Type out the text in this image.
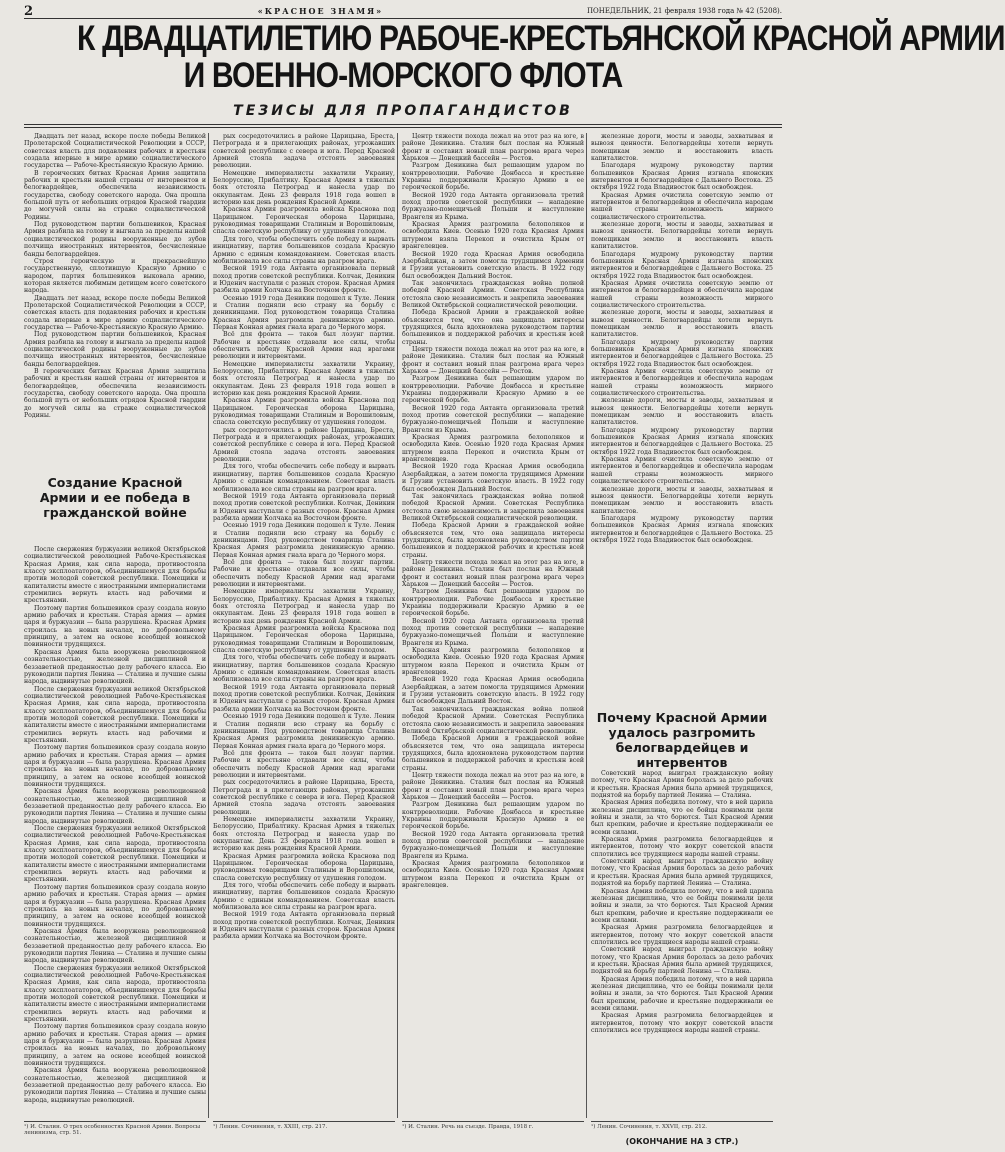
2	«КРАСНОЕ ЗНАМЯ»	ПОНЕДЕЛЬНИК, 21 февраля 1938 года № 42 (5208).
К ДВАДЦАТИЛЕТИЮ РАБОЧЕ-КРЕСТЬЯНСКОЙ КРАСНОЙ АРМИИ
И ВОЕННО-МОРСКОГО ФЛОТА
ТЕЗИСЫ ДЛЯ ПРОПАГАНДИСТОВ

Двадцать лет назад, вскоре после победы Великой Пролетарской Социалистической Революции в СССР, советская власть для подавления рабочих и крестьян создала впервые в мире армию социалистического государства — Рабоче-Крестьянскую Красную Армию.

В героических битвах Красная Армия защитила рабочих и крестьян нашей страны от интервентов и белогвардейцев, обеспечила независимость государства, свободу советского народа. Она прошла большой путь от небольших отрядов Красной гвардии до могучей силы на страже социалистической Родины.

Под руководством партии большевиков, Красная Армия разбила на голову и выгнала за пределы нашей социалистической родины вооруженные до зубов полчища иностранных интервентов, бесчисленные банды белогвардейцев.

Строя героическую и прекраснейшую государственную, сплотившую Красную Армию с народом, партия большевиков выковала армию, которая является любимым детищем всего советского народа.

Двадцать лет назад, вскоре после победы Великой Пролетарской Социалистической Революции в СССР, советская власть для подавления рабочих и крестьян создала впервые в мире армию социалистического государства — Рабоче-Крестьянскую Красную Армию.

Под руководством партии большевиков, Красная Армия разбила на голову и выгнала за пределы нашей социалистической родины вооруженные до зубов полчища иностранных интервентов, бесчисленные банды белогвардейцев.

В героических битвах Красная Армия защитила рабочих и крестьян нашей страны от интервентов и белогвардейцев, обеспечила независимость государства, свободу советского народа. Она прошла большой путь от небольших отрядов Красной гвардии до могучей силы на страже социалистической Родины.

Создание Красной Армии и ее победа в гражданской войне

После свержения буржуазии великой Октябрьской социалистической революцией Рабоче-Крестьянская Красная Армия, как сила народа, противостояла классу эксплоататоров, объединившемуся для борьбы против молодой советской республики. Помещики и капиталисты вместе с иностранными империалистами стремились вернуть власть над рабочими и крестьянами.

Поэтому партия большевиков сразу создала новую армию рабочих и крестьян. Старая армия — армия царя и буржуазии — была разрушена. Красная Армия строилась на новых началах, по добровольному принципу, а затем на основе всеобщей воинской повинности трудящихся.

Красная Армия была вооружена революционной сознательностью, железной дисциплиной и беззаветной преданностью делу рабочего класса. Ею руководили партия Ленина — Сталина и лучшие сыны народа, выдвинутые революцией.

После свержения буржуазии великой Октябрьской социалистической революцией Рабоче-Крестьянская Красная Армия, как сила народа, противостояла классу эксплоататоров, объединившемуся для борьбы против молодой советской республики. Помещики и капиталисты вместе с иностранными империалистами стремились вернуть власть над рабочими и крестьянами.

Поэтому партия большевиков сразу создала новую армию рабочих и крестьян. Старая армия — армия царя и буржуазии — была разрушена. Красная Армия строилась на новых началах, по добровольному принципу, а затем на основе всеобщей воинской повинности трудящихся.

Красная Армия была вооружена революционной сознательностью, железной дисциплиной и беззаветной преданностью делу рабочего класса. Ею руководили партия Ленина — Сталина и лучшие сыны народа, выдвинутые революцией.

После свержения буржуазии великой Октябрьской социалистической революцией Рабоче-Крестьянская Красная Армия, как сила народа, противостояла классу эксплоататоров, объединившемуся для борьбы против молодой советской республики. Помещики и капиталисты вместе с иностранными империалистами стремились вернуть власть над рабочими и крестьянами.

Поэтому партия большевиков сразу создала новую армию рабочих и крестьян. Старая армия — армия царя и буржуазии — была разрушена. Красная Армия строилась на новых началах, по добровольному принципу, а затем на основе всеобщей воинской повинности трудящихся.

Красная Армия была вооружена революционной сознательностью, железной дисциплиной и беззаветной преданностью делу рабочего класса. Ею руководили партия Ленина — Сталина и лучшие сыны народа, выдвинутые революцией.

После свержения буржуазии великой Октябрьской социалистической революцией Рабоче-Крестьянская Красная Армия, как сила народа, противостояла классу эксплоататоров, объединившемуся для борьбы против молодой советской республики. Помещики и капиталисты вместе с иностранными империалистами стремились вернуть власть над рабочими и крестьянами.

Поэтому партия большевиков сразу создала новую армию рабочих и крестьян. Старая армия — армия царя и буржуазии — была разрушена. Красная Армия строилась на новых началах, по добровольному принципу, а затем на основе всеобщей воинской повинности трудящихся.

Красная Армия была вооружена революционной сознательностью, железной дисциплиной и беззаветной преданностью делу рабочего класса. Ею руководили партия Ленина — Сталина и лучшие сыны народа, выдвинутые революцией.

рых сосредоточились в районе Царицына, Бреста, Петрограда и в прилегающих районах, угрожавших советской республике с севера и юга. Перед Красной Армией стояла задача отстоять завоевания революции.

Немецкие империалисты захватили Украину, Белоруссию, Прибалтику. Красная Армия в тяжелых боях отстояла Петроград и нанесла удар по оккупантам. День 23 февраля 1918 года вошел в историю как день рождения Красной Армии.

Красная Армия разгромила войска Краснова под Царицыном. Героическая оборона Царицына, руководимая товарищами Сталиным и Ворошиловым, спасла советскую республику от удушения голодом.

Для того, чтобы обеспечить себе победу и вырвать инициативу, партия большевиков создала Красную Армию с единым командованием. Советская власть мобилизовала все силы страны на разгром врага.

Весной 1919 года Антанта организовала первый поход против советской республики. Колчак, Деникин и Юденич наступали с разных сторон. Красная Армия разбила армии Колчака на Восточном фронте.

Осенью 1919 года Деникин подошел к Туле. Ленин и Сталин подняли всю страну на борьбу с деникинцами. Под руководством товарища Сталина Красная Армия разгромила деникинскую армию. Первая Конная армия гнала врага до Черного моря.

Всё для фронта — таков был лозунг партии. Рабочие и крестьяне отдавали все силы, чтобы обеспечить победу Красной Армии над врагами революции и интервентами.

Немецкие империалисты захватили Украину, Белоруссию, Прибалтику. Красная Армия в тяжелых боях отстояла Петроград и нанесла удар по оккупантам. День 23 февраля 1918 года вошел в историю как день рождения Красной Армии.

Красная Армия разгромила войска Краснова под Царицыном. Героическая оборона Царицына, руководимая товарищами Сталиным и Ворошиловым, спасла советскую республику от удушения голодом.

рых сосредоточились в районе Царицына, Бреста, Петрограда и в прилегающих районах, угрожавших советской республике с севера и юга. Перед Красной Армией стояла задача отстоять завоевания революции.

Для того, чтобы обеспечить себе победу и вырвать инициативу, партия большевиков создала Красную Армию с единым командованием. Советская власть мобилизовала все силы страны на разгром врага.

Весной 1919 года Антанта организовала первый поход против советской республики. Колчак, Деникин и Юденич наступали с разных сторон. Красная Армия разбила армии Колчака на Восточном фронте.

Осенью 1919 года Деникин подошел к Туле. Ленин и Сталин подняли всю страну на борьбу с деникинцами. Под руководством товарища Сталина Красная Армия разгромила деникинскую армию. Первая Конная армия гнала врага до Черного моря.

Всё для фронта — таков был лозунг партии. Рабочие и крестьяне отдавали все силы, чтобы обеспечить победу Красной Армии над врагами революции и интервентами.

Немецкие империалисты захватили Украину, Белоруссию, Прибалтику. Красная Армия в тяжелых боях отстояла Петроград и нанесла удар по оккупантам. День 23 февраля 1918 года вошел в историю как день рождения Красной Армии.

Красная Армия разгромила войска Краснова под Царицыном. Героическая оборона Царицына, руководимая товарищами Сталиным и Ворошиловым, спасла советскую республику от удушения голодом.

Для того, чтобы обеспечить себе победу и вырвать инициативу, партия большевиков создала Красную Армию с единым командованием. Советская власть мобилизовала все силы страны на разгром врага.

Весной 1919 года Антанта организовала первый поход против советской республики. Колчак, Деникин и Юденич наступали с разных сторон. Красная Армия разбила армии Колчака на Восточном фронте.

Осенью 1919 года Деникин подошел к Туле. Ленин и Сталин подняли всю страну на борьбу с деникинцами. Под руководством товарища Сталина Красная Армия разгромила деникинскую армию. Первая Конная армия гнала врага до Черного моря.

Всё для фронта — таков был лозунг партии. Рабочие и крестьяне отдавали все силы, чтобы обеспечить победу Красной Армии над врагами революции и интервентами.

рых сосредоточились в районе Царицына, Бреста, Петрограда и в прилегающих районах, угрожавших советской республике с севера и юга. Перед Красной Армией стояла задача отстоять завоевания революции.

Немецкие империалисты захватили Украину, Белоруссию, Прибалтику. Красная Армия в тяжелых боях отстояла Петроград и нанесла удар по оккупантам. День 23 февраля 1918 года вошел в историю как день рождения Красной Армии.

Красная Армия разгромила войска Краснова под Царицыном. Героическая оборона Царицына, руководимая товарищами Сталиным и Ворошиловым, спасла советскую республику от удушения голодом.

Для того, чтобы обеспечить себе победу и вырвать инициативу, партия большевиков создала Красную Армию с единым командованием. Советская власть мобилизовала все силы страны на разгром врага.

Весной 1919 года Антанта организовала первый поход против советской республики. Колчак, Деникин и Юденич наступали с разных сторон. Красная Армия разбила армии Колчака на Восточном фронте.

Центр тяжести похода лежал на этот раз на юге, в районе Деникина. Сталин был послан на Южный фронт и составил новый план разгрома врага через Харьков — Донецкий бассейн — Ростов.

Разгром Деникина был решающим ударом по контрреволюции. Рабочие Донбасса и крестьяне Украины поддерживали Красную Армию в ее героической борьбе.

Весной 1920 года Антанта организовала третий поход против советской республики — нападение буржуазно-помещичьей Польши и наступление Врангеля из Крыма.

Красная Армия разгромила белополяков и освободила Киев. Осенью 1920 года Красная Армия штурмом взяла Перекоп и очистила Крым от врангелевцев.

Весной 1920 года Красная Армия освободила Азербайджан, а затем помогла трудящимся Армении и Грузии установить советскую власть. В 1922 году был освобожден Дальний Восток.

Так закончилась гражданская война полной победой Красной Армии. Советская Республика отстояла свою независимость и закрепила завоевания Великой Октябрьской социалистической революции.

Победа Красной Армии в гражданской войне объясняется тем, что она защищала интересы трудящихся, была вдохновлена руководством партии большевиков и поддержкой рабочих и крестьян всей страны.

Центр тяжести похода лежал на этот раз на юге, в районе Деникина. Сталин был послан на Южный фронт и составил новый план разгрома врага через Харьков — Донецкий бассейн — Ростов.

Разгром Деникина был решающим ударом по контрреволюции. Рабочие Донбасса и крестьяне Украины поддерживали Красную Армию в ее героической борьбе.

Весной 1920 года Антанта организовала третий поход против советской республики — нападение буржуазно-помещичьей Польши и наступление Врангеля из Крыма.

Красная Армия разгромила белополяков и освободила Киев. Осенью 1920 года Красная Армия штурмом взяла Перекоп и очистила Крым от врангелевцев.

Весной 1920 года Красная Армия освободила Азербайджан, а затем помогла трудящимся Армении и Грузии установить советскую власть. В 1922 году был освобожден Дальний Восток.

Так закончилась гражданская война полной победой Красной Армии. Советская Республика отстояла свою независимость и закрепила завоевания Великой Октябрьской социалистической революции.

Победа Красной Армии в гражданской войне объясняется тем, что она защищала интересы трудящихся, была вдохновлена руководством партии большевиков и поддержкой рабочих и крестьян всей страны.

Центр тяжести похода лежал на этот раз на юге, в районе Деникина. Сталин был послан на Южный фронт и составил новый план разгрома врага через Харьков — Донецкий бассейн — Ростов.

Разгром Деникина был решающим ударом по контрреволюции. Рабочие Донбасса и крестьяне Украины поддерживали Красную Армию в ее героической борьбе.

Весной 1920 года Антанта организовала третий поход против советской республики — нападение буржуазно-помещичьей Польши и наступление Врангеля из Крыма.

Красная Армия разгромила белополяков и освободила Киев. Осенью 1920 года Красная Армия штурмом взяла Перекоп и очистила Крым от врангелевцев.

Весной 1920 года Красная Армия освободила Азербайджан, а затем помогла трудящимся Армении и Грузии установить советскую власть. В 1922 году был освобожден Дальний Восток.

Так закончилась гражданская война полной победой Красной Армии. Советская Республика отстояла свою независимость и закрепила завоевания Великой Октябрьской социалистической революции.

Победа Красной Армии в гражданской войне объясняется тем, что она защищала интересы трудящихся, была вдохновлена руководством партии большевиков и поддержкой рабочих и крестьян всей страны.

Центр тяжести похода лежал на этот раз на юге, в районе Деникина. Сталин был послан на Южный фронт и составил новый план разгрома врага через Харьков — Донецкий бассейн — Ростов.

Разгром Деникина был решающим ударом по контрреволюции. Рабочие Донбасса и крестьяне Украины поддерживали Красную Армию в ее героической борьбе.

Весной 1920 года Антанта организовала третий поход против советской республики — нападение буржуазно-помещичьей Польши и наступление Врангеля из Крыма.

Красная Армия разгромила белополяков и освободила Киев. Осенью 1920 года Красная Армия штурмом взяла Перекоп и очистила Крым от врангелевцев.

железные дороги, мосты и заводы, захватывая и вывозя ценности. Белогвардейцы хотели вернуть помещикам землю и восстановить власть капиталистов.

Благодаря мудрому руководству партии большевиков Красная Армия изгнала японских интервентов и белогвардейцев с Дальнего Востока. 25 октября 1922 года Владивосток был освобожден.

Красная Армия очистила советскую землю от интервентов и белогвардейцев и обеспечила народам нашей страны возможность мирного социалистического строительства.

железные дороги, мосты и заводы, захватывая и вывозя ценности. Белогвардейцы хотели вернуть помещикам землю и восстановить власть капиталистов.

Благодаря мудрому руководству партии большевиков Красная Армия изгнала японских интервентов и белогвардейцев с Дальнего Востока. 25 октября 1922 года Владивосток был освобожден.

Красная Армия очистила советскую землю от интервентов и белогвардейцев и обеспечила народам нашей страны возможность мирного социалистического строительства.

железные дороги, мосты и заводы, захватывая и вывозя ценности. Белогвардейцы хотели вернуть помещикам землю и восстановить власть капиталистов.

Благодаря мудрому руководству партии большевиков Красная Армия изгнала японских интервентов и белогвардейцев с Дальнего Востока. 25 октября 1922 года Владивосток был освобожден.

Красная Армия очистила советскую землю от интервентов и белогвардейцев и обеспечила народам нашей страны возможность мирного социалистического строительства.

железные дороги, мосты и заводы, захватывая и вывозя ценности. Белогвардейцы хотели вернуть помещикам землю и восстановить власть капиталистов.

Благодаря мудрому руководству партии большевиков Красная Армия изгнала японских интервентов и белогвардейцев с Дальнего Востока. 25 октября 1922 года Владивосток был освобожден.

Красная Армия очистила советскую землю от интервентов и белогвардейцев и обеспечила народам нашей страны возможность мирного социалистического строительства.

железные дороги, мосты и заводы, захватывая и вывозя ценности. Белогвардейцы хотели вернуть помещикам землю и восстановить власть капиталистов.

Благодаря мудрому руководству партии большевиков Красная Армия изгнала японских интервентов и белогвардейцев с Дальнего Востока. 25 октября 1922 года Владивосток был освобожден.

Почему Красной Армии удалось разгромить белогвардейцев и интервентов

Советский народ выиграл гражданскую войну потому, что Красная Армия боролась за дело рабочих и крестьян. Красная Армия была армией трудящихся, поднятой на борьбу партией Ленина — Сталина.

Красная Армия победила потому, что в ней царила железная дисциплина, что ее бойцы понимали цели войны и знали, за что борются. Тыл Красной Армии был крепким, рабочие и крестьяне поддерживали ее всеми силами.

Красная Армия разгромила белогвардейцев и интервентов, потому что вокруг советской власти сплотились все трудящиеся народы нашей страны.

Советский народ выиграл гражданскую войну потому, что Красная Армия боролась за дело рабочих и крестьян. Красная Армия была армией трудящихся, поднятой на борьбу партией Ленина — Сталина.

Красная Армия победила потому, что в ней царила железная дисциплина, что ее бойцы понимали цели войны и знали, за что борются. Тыл Красной Армии был крепким, рабочие и крестьяне поддерживали ее всеми силами.

Красная Армия разгромила белогвардейцев и интервентов, потому что вокруг советской власти сплотились все трудящиеся народы нашей страны.

Советский народ выиграл гражданскую войну потому, что Красная Армия боролась за дело рабочих и крестьян. Красная Армия была армией трудящихся, поднятой на борьбу партией Ленина — Сталина.

Красная Армия победила потому, что в ней царила железная дисциплина, что ее бойцы понимали цели войны и знали, за что борются. Тыл Красной Армии был крепким, рабочие и крестьяне поддерживали ее всеми силами.

Красная Армия разгромила белогвардейцев и интервентов, потому что вокруг советской власти сплотились все трудящиеся народы нашей страны.

¹) И. Сталин. О трех особенностях Красной Армии. Вопросы ленинизма, стр. 51.
¹) Ленин. Сочинения, т. XXIII, стр. 217.	¹) И. Сталин. Речь на съезде. Правда, 1918 г.	¹) Ленин. Сочинения, т. XXVII, стр. 212.
(ОКОНЧАНИЕ НА 3 СТР.)
